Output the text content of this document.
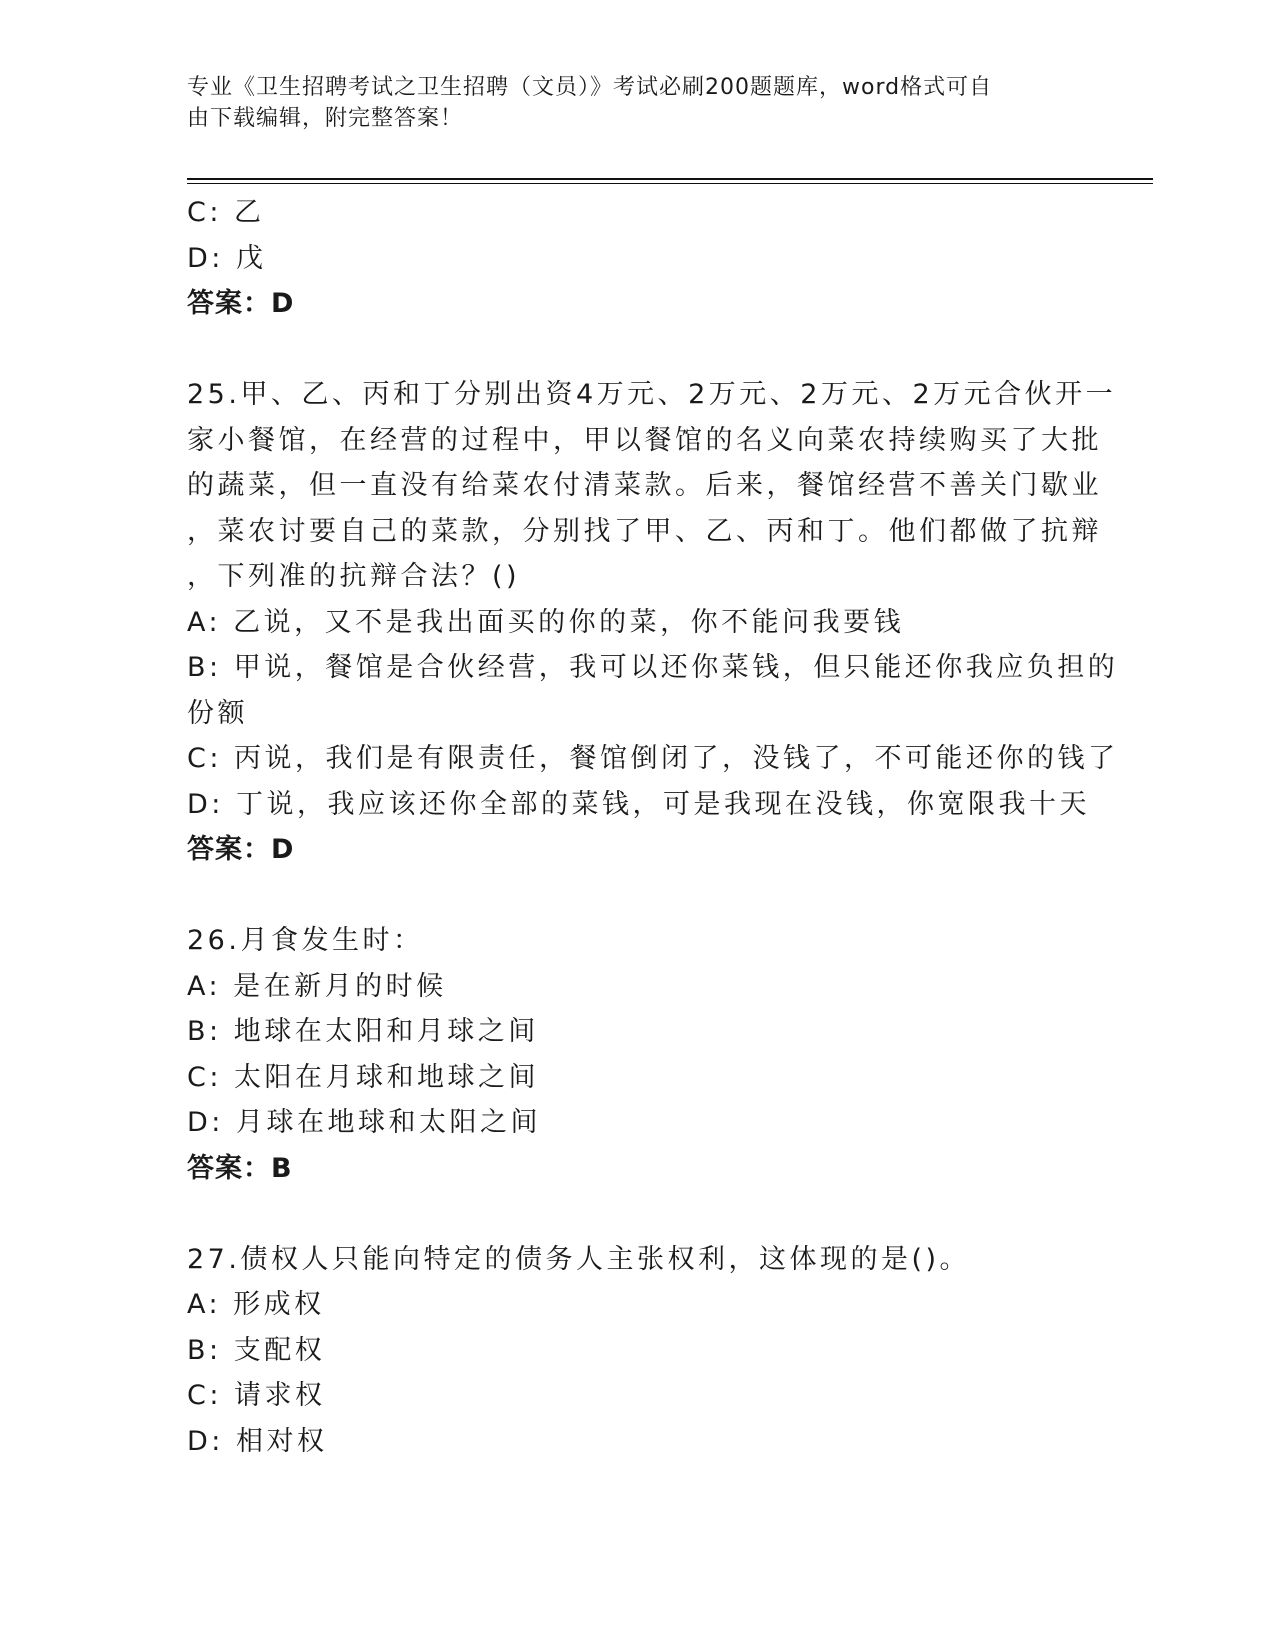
专业《卫生招聘考试之卫生招聘（文员）》考试必刷200题题库，word格式可自
由下载编辑，附完整答案！
C: 乙
D: 戊
答案：D
25.甲、乙、丙和丁分别出资4万元、2万元、2万元、2万元合伙开一
家小餐馆，在经营的过程中，甲以餐馆的名义向菜农持续购买了大批
的蔬菜，但一直没有给菜农付清菜款。后来，餐馆经营不善关门歇业
，菜农讨要自己的菜款，分别找了甲、乙、丙和丁。他们都做了抗辩
，下列准的抗辩合法？()
A: 乙说，又不是我出面买的你的菜，你不能问我要钱
B: 甲说，餐馆是合伙经营，我可以还你菜钱，但只能还你我应负担的
份额
C: 丙说，我们是有限责任，餐馆倒闭了，没钱了，不可能还你的钱了
D: 丁说，我应该还你全部的菜钱，可是我现在没钱，你宽限我十天
答案：D
26.月食发生时：
A: 是在新月的时候
B: 地球在太阳和月球之间
C: 太阳在月球和地球之间
D: 月球在地球和太阳之间
答案：B
27.债权人只能向特定的债务人主张权利，这体现的是()。
A: 形成权
B: 支配权
C: 请求权
D: 相对权
